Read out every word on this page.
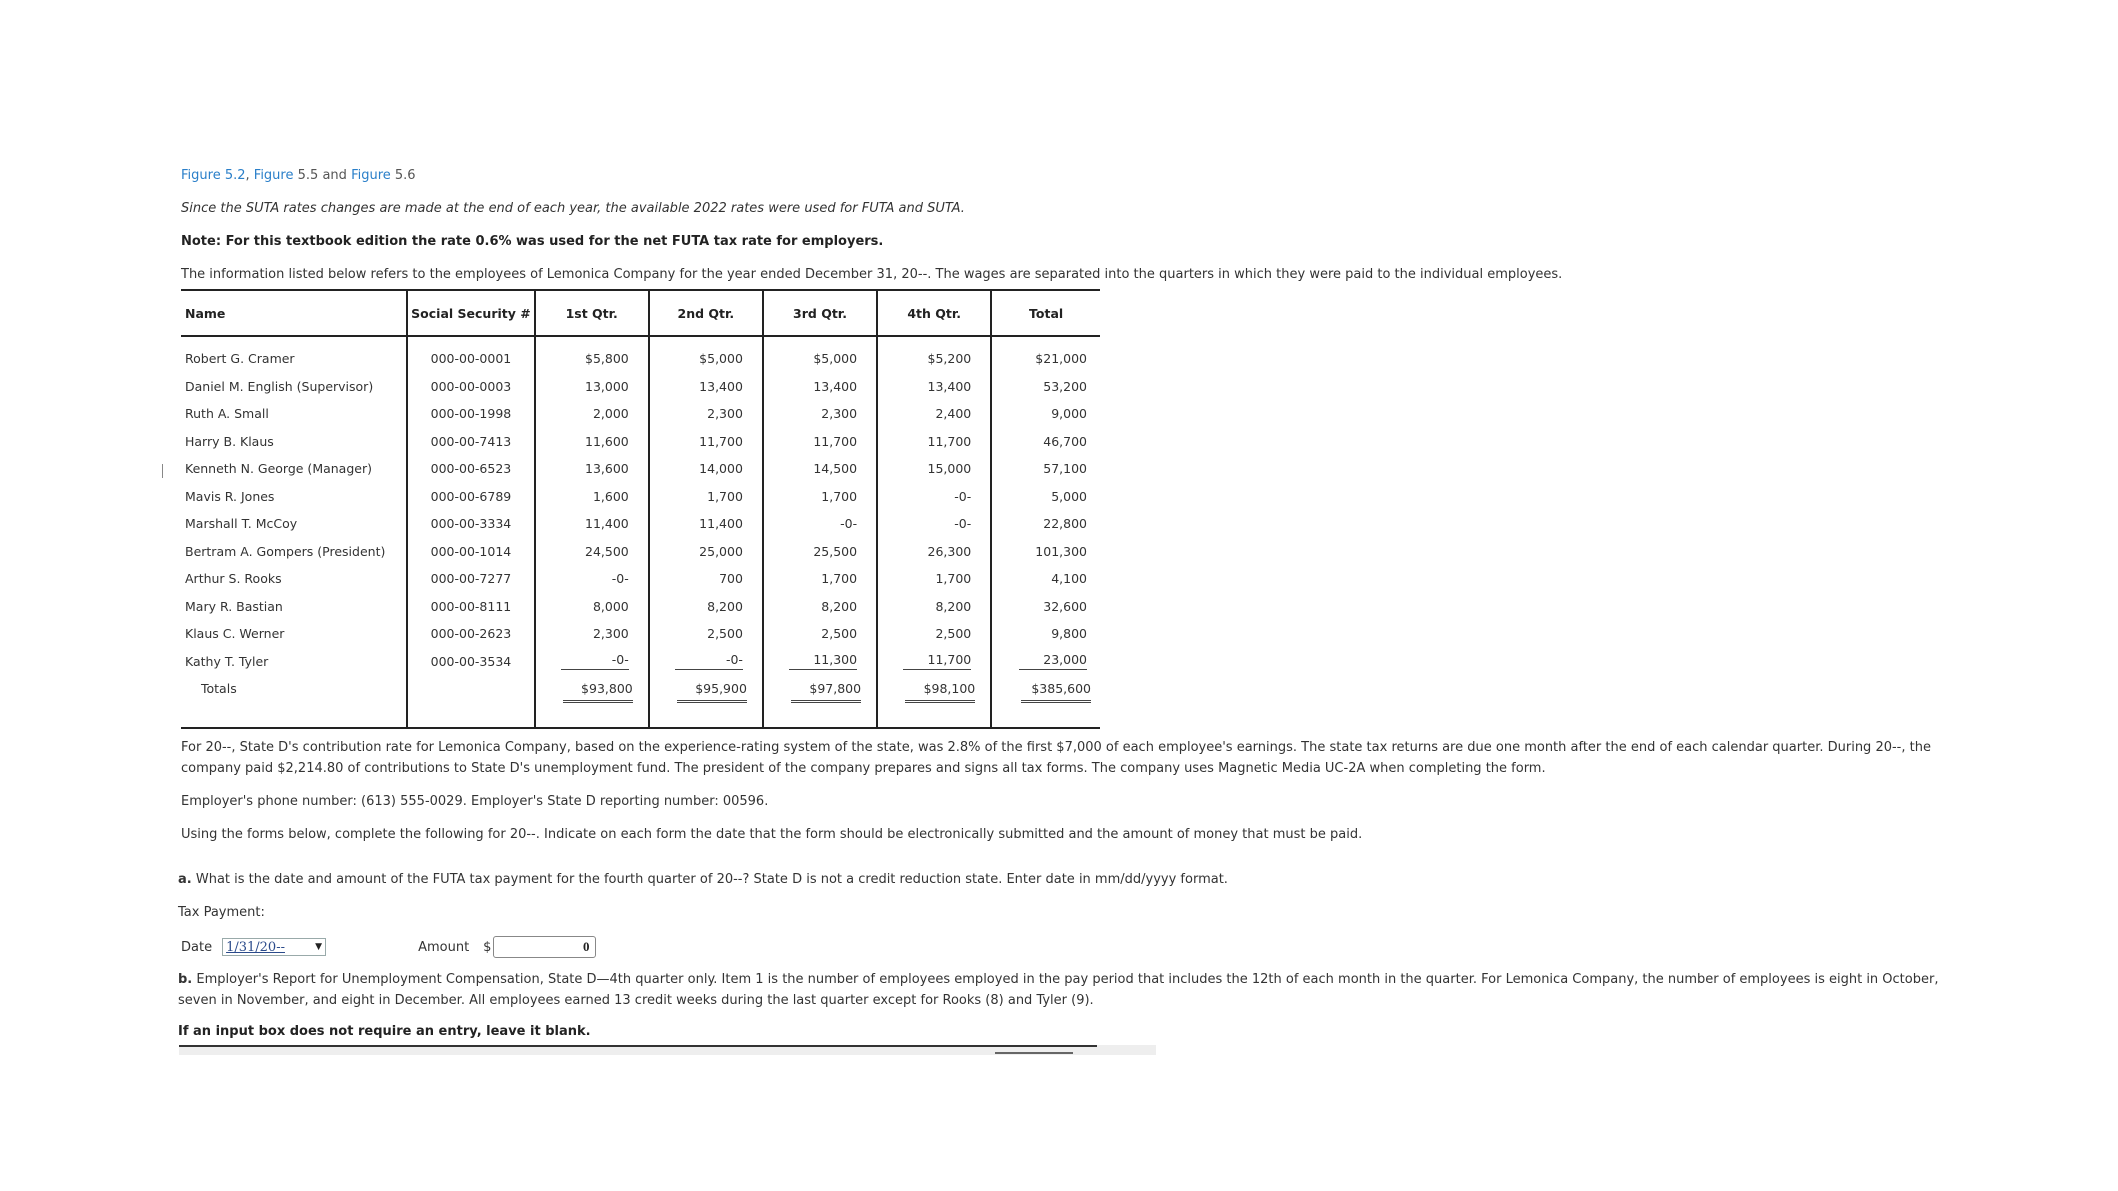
Figure 5.2, Figure 5.5 and Figure 5.6

Since the SUTA rates changes are made at the end of each year, the available 2022 rates were used for FUTA and SUTA.

Note: For this textbook edition the rate 0.6% was used for the net FUTA tax rate for employers.

The information listed below refers to the employees of Lemonica Company for the year ended December 31, 20--. The wages are separated into the quarters in which they were paid to the individual employees.

Name	Social Security #	1st Qtr.	2nd Qtr.	3rd Qtr.	4th Qtr.	Total
Robert G. Cramer	000-00-0001	$5,800	$5,000	$5,000	$5,200	$21,000
Daniel M. English (Supervisor)	000-00-0003	13,000	13,400	13,400	13,400	53,200
Ruth A. Small	000-00-1998	2,000	2,300	2,300	2,400	9,000
Harry B. Klaus	000-00-7413	11,600	11,700	11,700	11,700	46,700
Kenneth N. George (Manager)	000-00-6523	13,600	14,000	14,500	15,000	57,100
Mavis R. Jones	000-00-6789	1,600	1,700	1,700	-0-	5,000
Marshall T. McCoy	000-00-3334	11,400	11,400	-0-	-0-	22,800
Bertram A. Gompers (President)	000-00-1014	24,500	25,000	25,500	26,300	101,300
Arthur S. Rooks	000-00-7277	-0-	700	1,700	1,700	4,100
Mary R. Bastian	000-00-8111	8,000	8,200	8,200	8,200	32,600
Klaus C. Werner	000-00-2623	2,300	2,500	2,500	2,500	9,800
Kathy T. Tyler	000-00-3534	-0-	-0-	11,300	11,700	23,000
Totals		$93,800	$95,900	$97,800	$98,100	$385,600

For 20--, State D's contribution rate for Lemonica Company, based on the experience-rating system of the state, was 2.8% of the first $7,000 of each employee's earnings. The state tax returns are due one month after the end of each calendar quarter. During 20--, the company paid $2,214.80 of contributions to State D's unemployment fund. The president of the company prepares and signs all tax forms. The company uses Magnetic Media UC-2A when completing the form.

Employer's phone number: (613) 555-0029. Employer's State D reporting number: 00596.

Using the forms below, complete the following for 20--. Indicate on each form the date that the form should be electronically submitted and the amount of money that must be paid.

a. What is the date and amount of the FUTA tax payment for the fourth quarter of 20--? State D is not a credit reduction state. Enter date in mm/dd/yyyy format.

Tax Payment:

Date 1/31/20--	▼	Amount $
0

b. Employer's Report for Unemployment Compensation, State D—4th quarter only. Item 1 is the number of employees employed in the pay period that includes the 12th of each month in the quarter. For Lemonica Company, the number of employees is eight in October, seven in November, and eight in December. All employees earned 13 credit weeks during the last quarter except for Rooks (8) and Tyler (9).

If an input box does not require an entry, leave it blank.
